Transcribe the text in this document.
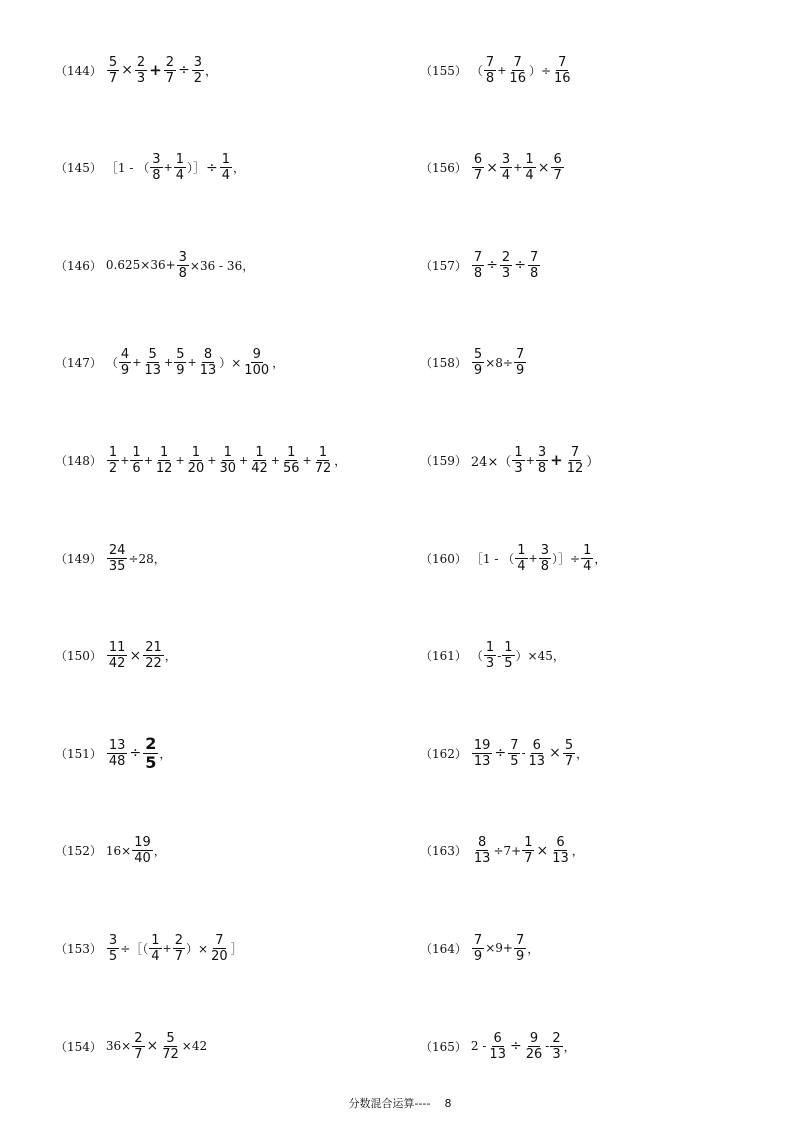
$(144) \frac{5}{7} \times \frac{2}{3} + \frac{2}{7} \div \frac{3}{2}$ ，
（145） ［1 - （ $\frac{3}{8} + \frac{1}{4}$ ）］ ÷ $\frac{1}{4}$ ，
（146） $0.625\times 36+ \frac{3}{8} \times 36 - 36$，
（147） （ $\frac{4}{9} + \frac{5}{13} + \frac{5}{9} + \frac{8}{13}$ ）× $\frac{9}{100}$ ，
$(148) \frac{1}{2} + \frac{1}{6} + \frac{1}{12} + \frac{1}{20} + \frac{1}{30} + \frac{1}{42} + \frac{1}{56} + \frac{1}{72}$ ，
$(149) \frac{24}{35} \div 28$，
$(150) \frac{11}{42} \times \frac{21}{22}$ ，
$(151) \frac{13}{48} \div \frac{2}{5}$ ，
（152） $16\times \frac{19}{40}$ ，
$(153) \frac{3}{5}$ ÷［（ $\frac{1}{4} + \frac{2}{7}$ ）× $\frac{7}{20}$ ］
（154） $36\times \frac{2}{7} \times \frac{5}{72} \times 42$
（155） （ $\frac{7}{8} + \frac{7}{16}$ ）÷ $\frac{7}{16}$
$(156) \frac{6}{7} \times \frac{3}{4} + \frac{1}{4} \times \frac{6}{7}$
$(157) \frac{7}{8} \div \frac{2}{3} \div \frac{7}{8}$
$(158) \frac{5}{9} \times 8\div \frac{7}{9}$
（159） $24\times( \frac{1}{3} + \frac{3}{8} + \frac{7}{12}$ ）
（160） ［1 - （ $\frac{1}{4} + \frac{3}{8}$ ）］÷ $\frac{1}{4}$ ，
（161） （ $\frac{1}{3} - \frac{1}{5} )\times 45$，
$(162) \frac{19}{13} \div \frac{7}{5} - \frac{6}{13} \times \frac{5}{7}$ ，
$(163) \frac{8}{13} \div 7+ \frac{1}{7} \times \frac{6}{13}$ ，
$(164) \frac{7}{9} \times 9+ \frac{7}{9}$ ，
（165） $2 - \frac{6}{13} \div \frac{9}{26} - \frac{2}{3}$ ，
分数混合运算---- 8
